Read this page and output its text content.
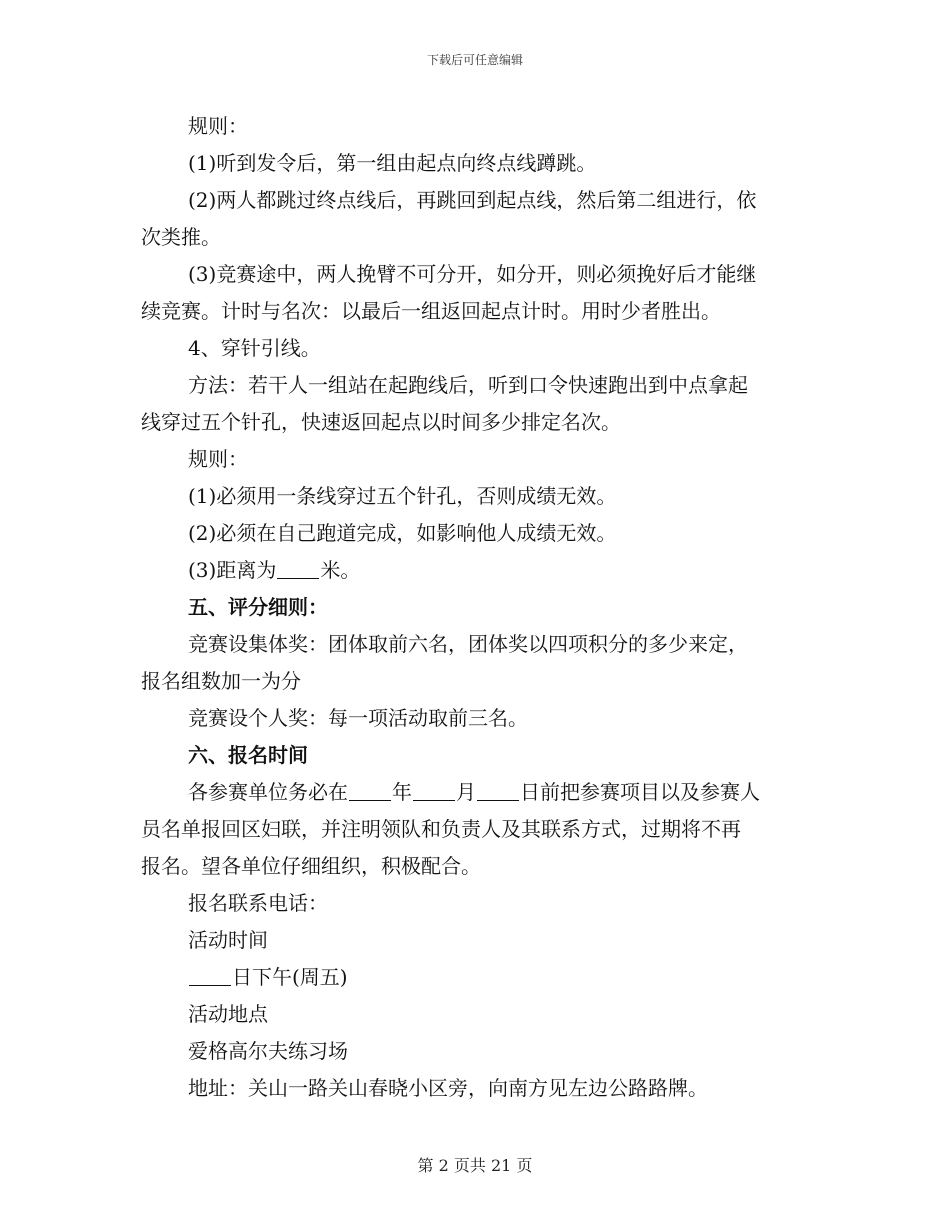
下载后可任意编辑

规则：

(1)听到发令后，第一组由起点向终点线蹲跳。

(2)两人都跳过终点线后，再跳回到起点线，然后第二组进行，依

次类推。

(3)竞赛途中，两人挽臂不可分开，如分开，则必须挽好后才能继

续竞赛。计时与名次：以最后一组返回起点计时。用时少者胜出。

4、穿针引线。

方法：若干人一组站在起跑线后，听到口令快速跑出到中点拿起

线穿过五个针孔，快速返回起点以时间多少排定名次。

规则：

(1)必须用一条线穿过五个针孔，否则成绩无效。

(2)必须在自己跑道完成，如影响他人成绩无效。

(3)距离为 米。

五、评分细则：

竞赛设集体奖：团体取前六名，团体奖以四项积分的多少来定，

报名组数加一为分

竞赛设个人奖：每一项活动取前三名。

六、报名时间

各参赛单位务必在 年 月 日前把参赛项目以及参赛人

员名单报回区妇联，并注明领队和负责人及其联系方式，过期将不再

报名。望各单位仔细组织，积极配合。

报名联系电话：

活动时间

日下午(周五)

活动地点

爱格高尔夫练习场

地址：关山一路关山春晓小区旁，向南方见左边公路路牌。

第 2 页共 21 页
